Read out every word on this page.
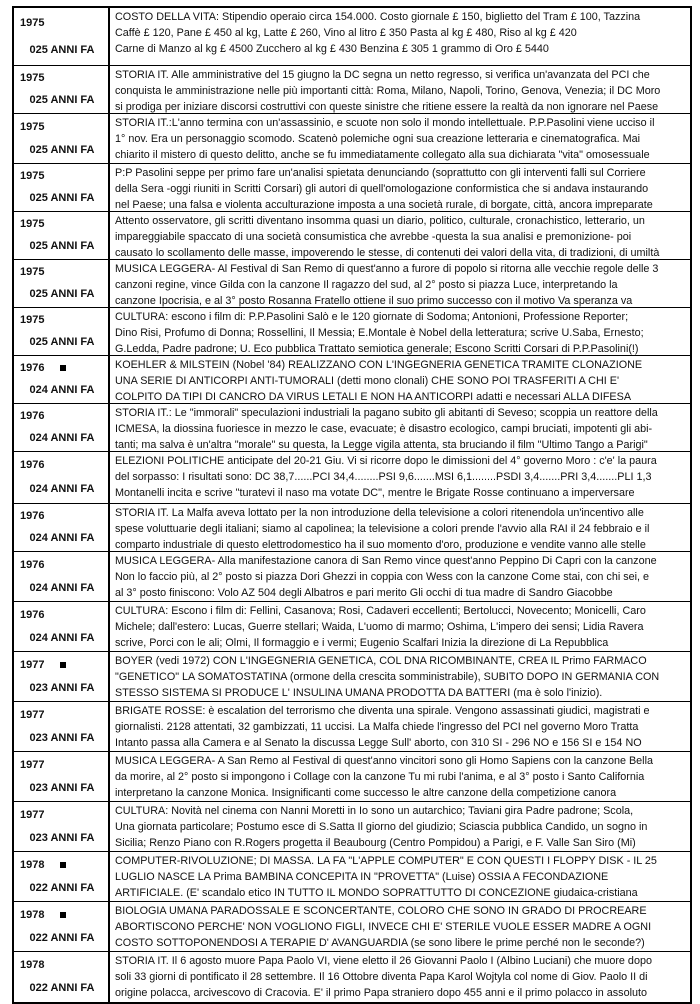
1975
025 ANNI FA

COSTO DELLA VITA: Stipendio operaio circa 154.000. Costo giornale £ 150, biglietto del Tram £ 100, Tazzina

Caffè £ 120, Pane £ 450 al kg, Latte £ 260, Vino al litro £ 350 Pasta al kg £ 480, Riso al kg £ 420

Carne di Manzo al kg £ 4500 Zucchero al kg £ 430 Benzina £ 305 1 grammo di Oro £ 5440

1975
025 ANNI FA

STORIA IT. Alle amministrative del 15 giugno la DC segna un netto regresso, si verifica un'avanzata del PCI che

conquista le amministrazione nelle più importanti città: Roma, Milano, Napoli, Torino, Genova, Venezia; il DC Moro

si prodiga per iniziare discorsi costruttivi con queste sinistre che ritiene essere la realtà da non ignorare nel Paese

1975
025 ANNI FA

STORIA IT.:L'anno termina con un'assassinio, e scuote non solo il mondo intellettuale. P.P.Pasolini viene ucciso il

1° nov. Era un personaggio scomodo. Scatenò polemiche ogni sua creazione letteraria e cinematografica. Mai

chiarito il mistero di questo delitto, anche se fu immediatamente collegato alla sua dichiarata "vita" omosessuale

1975
025 ANNI FA

P:P Pasolini seppe per primo fare un'analisi spietata denunciando (soprattutto con gli interventi falli sul Corriere

della Sera -oggi riuniti in Scritti Corsari) gli autori di quell'omologazione conformistica che si andava instaurando

nel Paese; una falsa e violenta acculturazione imposta a una società rurale, di borgate, città, ancora impreparate

1975
025 ANNI FA

Attento osservatore, gli scritti diventano insomma quasi un diario, politico, culturale, cronachistico, letterario, un

impareggiabile spaccato di una società consumistica che avrebbe -questa la sua analisi e premonizione- poi

causato lo scollamento delle masse, impoverendo le stesse, di contenuti dei valori della vita, di tradizioni, di umiltà

1975
025 ANNI FA

MUSICA LEGGERA- Al Festival di San Remo di quest'anno a furore di popolo si ritorna alle vecchie regole delle 3

canzoni regine, vince Gilda con la canzone Il ragazzo del sud, al 2° posto si piazza Luce, interpretando la

canzone Ipocrisia, e al 3° posto Rosanna Fratello ottiene il suo primo successo con il motivo Va speranza va

1975
025 ANNI FA

CULTURA: escono i film di: P.P.Pasolini Salò e le 120 giornate di Sodoma; Antonioni, Professione Reporter;

Dino Risi, Profumo di Donna; Rossellini, Il Messia; E.Montale è Nobel della letteratura; scrive U.Saba, Ernesto;

G.Ledda, Padre padrone; U. Eco pubblica Trattato semiotica generale; Escono Scritti Corsari di P.P.Pasolini(!)

1976
024 ANNI FA

KOEHLER & MILSTEIN (Nobel '84) REALIZZANO CON L'INGEGNERIA GENETICA TRAMITE CLONAZIONE

UNA SERIE DI ANTICORPI ANTI-TUMORALI (detti mono clonali) CHE SONO POI TRASFERITI A CHI E'

COLPITO DA TIPI DI CANCRO DA VIRUS LETALI E NON HA ANTICORPI adatti e necessari ALLA DIFESA

1976
024 ANNI FA

STORIA IT.: Le "immorali" speculazioni industriali la pagano subito gli abitanti di Seveso; scoppia un reattore della

ICMESA, la diossina fuoriesce in mezzo le case, evacuate; è disastro ecologico, campi bruciati, impotenti gli abi-

tanti; ma salva è un'altra "morale" su questa, la Legge vigila attenta, sta bruciando il film "Ultimo Tango a Parigi"

1976
024 ANNI FA

ELEZIONI POLITICHE anticipate del 20-21 Giu. Vi si ricorre dopo le dimissioni del 4° governo Moro : c'e' la paura

del sorpasso: I risultati sono: DC 38,7......PCI 34,4........PSI 9,6.......MSI 6,1........PSDI 3,4.......PRI 3,4.......PLI 1,3

Montanelli incita e scrive "turatevi il naso ma votate DC", mentre le Brigate Rosse continuano a imperversare

1976
024 ANNI FA

STORIA IT. La Malfa aveva lottato per la non introduzione della televisione a colori ritenendola un'incentivo alle

spese voluttuarie degli italiani; siamo al capolinea; la televisione a colori prende l'avvio alla RAI il 24 febbraio e il

comparto industriale di questo elettrodomestico ha il suo momento d'oro, produzione e vendite vanno alle stelle

1976
024 ANNI FA

MUSICA LEGGERA- Alla manifestazione canora di San Remo vince quest'anno Peppino Di Capri con la canzone

Non lo faccio più, al 2° posto si piazza Dori Ghezzi in coppia con Wess con la canzone Come stai, con chi sei, e

al 3° posto finiscono: Volo AZ 504 degli Albatros e pari merito Gli occhi di tua madre di Sandro Giacobbe

1976
024 ANNI FA

CULTURA: Escono i film di: Fellini, Casanova; Rosi, Cadaveri eccellenti; Bertolucci, Novecento; Monicelli, Caro

Michele; dall'estero: Lucas, Guerre stellari; Waida, L'uomo di marmo; Oshima, L'impero dei sensi; Lidia Ravera

scrive, Porci con le ali; Olmi, Il formaggio e i vermi; Eugenio Scalfari Inizia la direzione di La Repubblica

1977
023 ANNI FA

BOYER (vedi 1972) CON L'INGEGNERIA GENETICA, COL DNA RICOMBINANTE, CREA IL Primo FARMACO

"GENETICO" LA SOMATOSTATINA (ormone della crescita somministrabile), SUBITO DOPO IN GERMANIA CON

STESSO SISTEMA SI PRODUCE L' INSULINA UMANA PRODOTTA DA BATTERI (ma è solo l'inizio).

1977
023 ANNI FA

BRIGATE ROSSE: è escalation del terrorismo che diventa una spirale. Vengono assassinati giudici, magistrati e

giornalisti. 2128 attentati, 32 gambizzati, 11 uccisi. La Malfa chiede l'ingresso del PCI nel governo Moro Tratta

Intanto passa alla Camera e al Senato la discussa Legge Sull' aborto, con 310 SI - 296 NO e 156 SI e 154 NO

1977
023 ANNI FA

MUSICA LEGGERA- A San Remo al Festival di quest'anno vincitori sono gli Homo Sapiens con la canzone Bella

da morire, al 2° posto si impongono i Collage con la canzone Tu mi rubi l'anima, e al 3° posto i Santo California

interpretano la canzone Monica. Insignificanti come successo le altre canzone della competizione canora

1977
023 ANNI FA

CULTURA: Novità nel cinema con Nanni Moretti in Io sono un autarchico; Taviani gira Padre padrone; Scola,

Una giornata particolare; Postumo esce di S.Satta Il giorno del giudizio; Sciascia pubblica Candido, un sogno in

Sicilia; Renzo Piano con R.Rogers progetta il Beaubourg (Centro Pompidou) a Parigi, e F. Valle San Siro (Mi)

1978
022 ANNI FA

COMPUTER-RIVOLUZIONE; DI MASSA. LA FA "L'APPLE COMPUTER" E CON QUESTI I FLOPPY DISK - IL 25

LUGLIO NASCE LA Prima BAMBINA CONCEPITA IN "PROVETTA" (Luise) OSSIA A FECONDAZIONE

ARTIFICIALE. (E' scandalo etico IN TUTTO IL MONDO SOPRATTUTTO DI CONCEZIONE giudaica-cristiana

1978
022 ANNI FA

BIOLOGIA UMANA PARADOSSALE E SCONCERTANTE, COLORO CHE SONO IN GRADO DI PROCREARE

ABORTISCONO PERCHE' NON VOGLIONO FIGLI, INVECE CHI E' STERILE VUOLE ESSER MADRE A OGNI

COSTO SOTTOPONENDOSI A TERAPIE D' AVANGUARDIA (se sono libere le prime perché non le seconde?)

1978
022 ANNI FA

STORIA IT. Il 6 agosto muore Papa Paolo VI, viene eletto il 26 Giovanni Paolo I (Albino Luciani) che muore dopo

soli 33 giorni di pontificato il 28 settembre. Il 16 Ottobre diventa Papa Karol Wojtyla col nome di Giov. Paolo II di

origine polacca, arcivescovo di Cracovia. E' il primo Papa straniero dopo 455 anni e il primo polacco in assoluto
